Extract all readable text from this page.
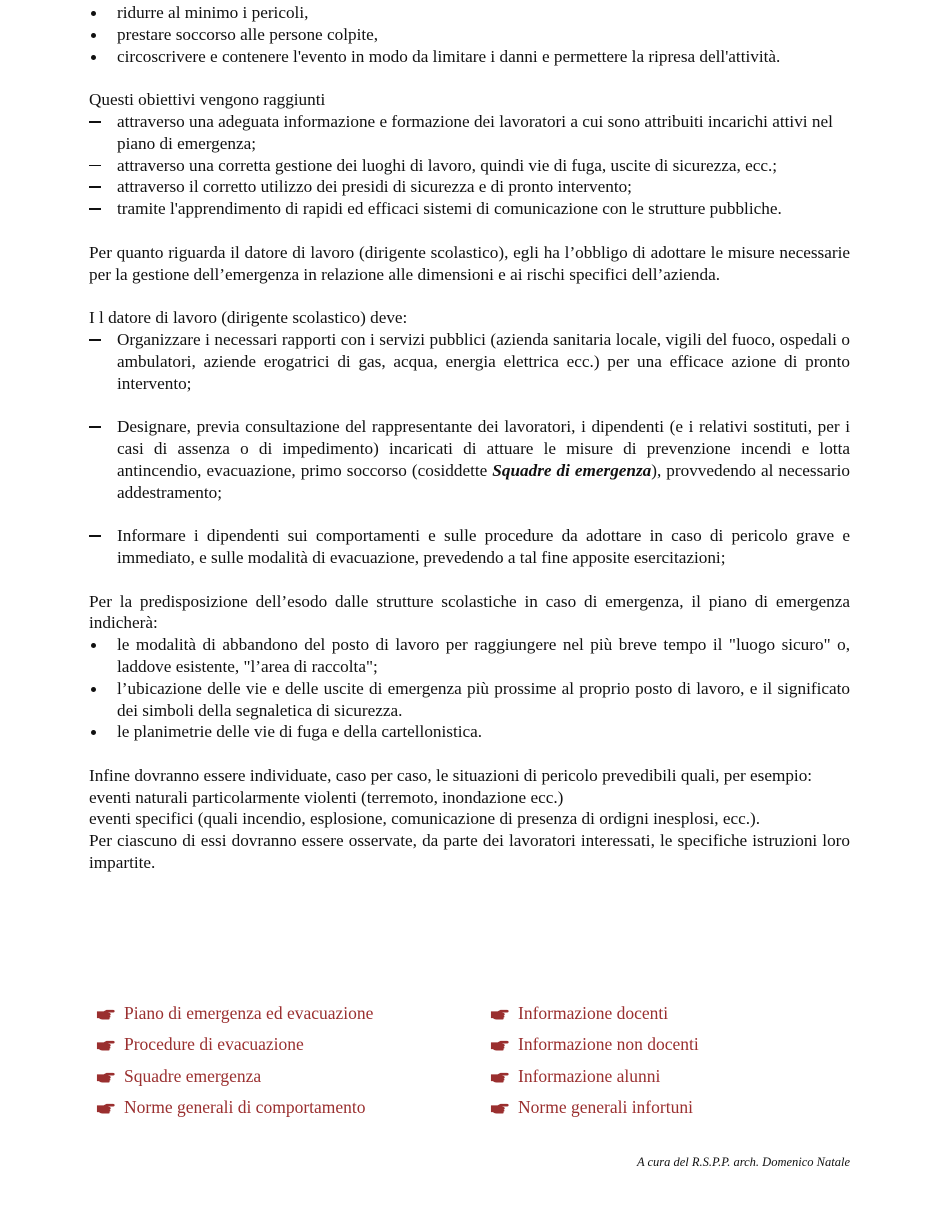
ridurre al minimo i pericoli,
prestare soccorso alle persone colpite,
circoscrivere e contenere l'evento in modo da limitare i danni e permettere la ripresa dell'attività.
Questi obiettivi vengono raggiunti
attraverso una adeguata informazione e formazione dei lavoratori a cui sono attribuiti incarichi attivi nel piano di emergenza;
attraverso una corretta gestione dei luoghi di lavoro, quindi vie di fuga, uscite di sicurezza, ecc.;
attraverso il corretto utilizzo dei presidi di sicurezza e di pronto intervento;
tramite l'apprendimento di rapidi ed efficaci sistemi di comunicazione con le strutture pubbliche.
Per quanto riguarda il datore di lavoro (dirigente scolastico), egli ha l’obbligo di adottare le misure necessarie per la gestione dell’emergenza in relazione alle dimensioni e ai rischi specifici dell’azienda.
I l datore di lavoro (dirigente scolastico) deve:
Organizzare i necessari rapporti con i servizi pubblici (azienda sanitaria locale, vigili del fuoco, ospedali o ambulatori, aziende erogatrici di gas, acqua, energia elettrica ecc.) per una efficace azione di pronto intervento;
Designare, previa consultazione del rappresentante dei lavoratori, i dipendenti (e i relativi sostituti, per i casi di assenza o di impedimento) incaricati di attuare le misure di prevenzione incendi e lotta antincendio, evacuazione, primo soccorso (cosiddette Squadre di emergenza), provvedendo al necessario addestramento;
Informare i dipendenti sui comportamenti e sulle procedure da adottare in caso di pericolo grave e immediato, e sulle modalità di evacuazione, prevedendo a tal fine apposite esercitazioni;
Per la predisposizione dell’esodo dalle strutture scolastiche in caso di emergenza, il piano di emergenza indicherà:
le modalità di abbandono del posto di lavoro per raggiungere nel più breve tempo il "luogo sicuro" o, laddove esistente, "l’area di raccolta";
l’ubicazione delle vie e delle uscite di emergenza più prossime al proprio posto di lavoro, e il significato dei simboli della segnaletica di sicurezza.
le planimetrie delle vie di fuga e della cartellonistica.
Infine dovranno essere individuate, caso per caso, le situazioni di pericolo prevedibili quali, per esempio:
eventi naturali particolarmente violenti (terremoto, inondazione ecc.)
eventi specifici (quali incendio, esplosione, comunicazione di presenza di ordigni inesplosi, ecc.).
Per ciascuno di essi dovranno essere osservate, da parte dei lavoratori interessati, le specifiche istruzioni loro impartite.
Piano di emergenza ed evacuazione
Procedure di evacuazione
Squadre emergenza
Norme generali di comportamento
Informazione docenti
Informazione non docenti
Informazione alunni
Norme generali infortuni
A cura del R.S.P.P. arch. Domenico Natale
